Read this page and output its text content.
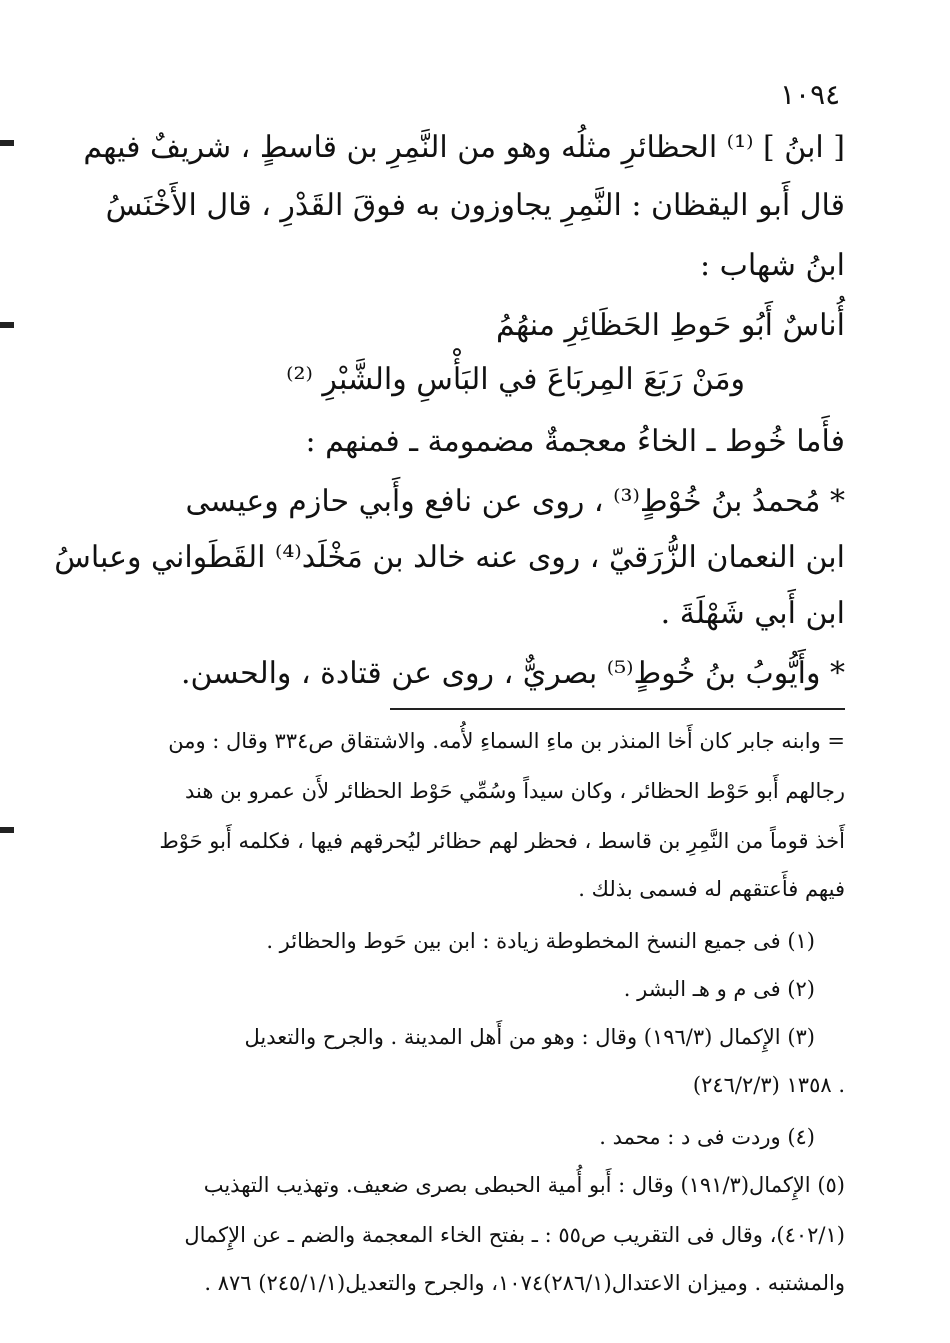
١٠٩٤
[ ابنُ ] ⁽¹⁾ الحظائرِ مثلُه وهو من النَّمِرِ بن قاسطٍ ، شريفٌ فيهم
قال أَبو اليقظان : النَّمِرِ يجاوزون به فوقَ القَدْرِ ، قال الأَخْنَسُ
ابنُ شهاب :
أُناسٌ أَبُو حَوطِ الحَظَائِرِ منهُمُ
ومَنْ رَبَعَ المِربَاعَ في البَأْسِ والشَّبْرِ ⁽²⁾
فأَما خُوط ـ الخاءُ معجمةٌ مضمومة ـ فمنهم :
* مُحمدُ بنُ خُوْطٍ⁽³⁾ ، روى عن نافع وأَبي حازم وعيسى
ابن النعمان الزُّرَقيّ ، روى عنه خالد بن مَخْلَد⁽⁴⁾ القَطَواني وعباسُ
ابن أَبي شَهْلَةَ .
* وأَيُّوبُ بنُ خُوطٍ⁽⁵⁾ بصريٌّ ، روى عن قتادة ، والحسن.
= وابنه جابر كان أَخا المنذر بن ماءِ السماءِ لأُمه. والاشتقاق ص٣٣٤ وقال : ومن
رجالهم أَبو حَوْط الحظائر ، وكان سيداً وسُمِّي حَوْط الحظائر لأَن عمرو بن هند
أَخذ قوماً من النَّمِرِ بن قاسط ، فحظر لهم حظائر ليُحرقهم فيها ، فكلمه أَبو حَوْط
فيهم فأَعتقهم له فسمى بذلك .
(١) فى جميع النسخ المخطوطة زيادة : ابن بين حَوط والحظائر .
(٢) فى م و هـ البشر .
(٣) الإِكمال (١٩٦/٣) وقال : وهو من أَهل المدينة . والجرح والتعديل
(٢٤٦/٢/٣) ١٣٥٨ .
(٤) وردت فى د : محمد .
(٥) الإِكمال(١٩١/٣) وقال : أَبو أُمية الحبطى بصرى ضعيف. وتهذيب التهذيب
(٤٠٢/١)، وقال فى التقريب ص٥٥ : ـ بفتح الخاء المعجمة والضم ـ عن الإِكمال
والمشتبه . وميزان الاعتدال(٢٨٦/١)١٠٧٤، والجرح والتعديل(٢٤٥/١/١) ٨٧٦ .
